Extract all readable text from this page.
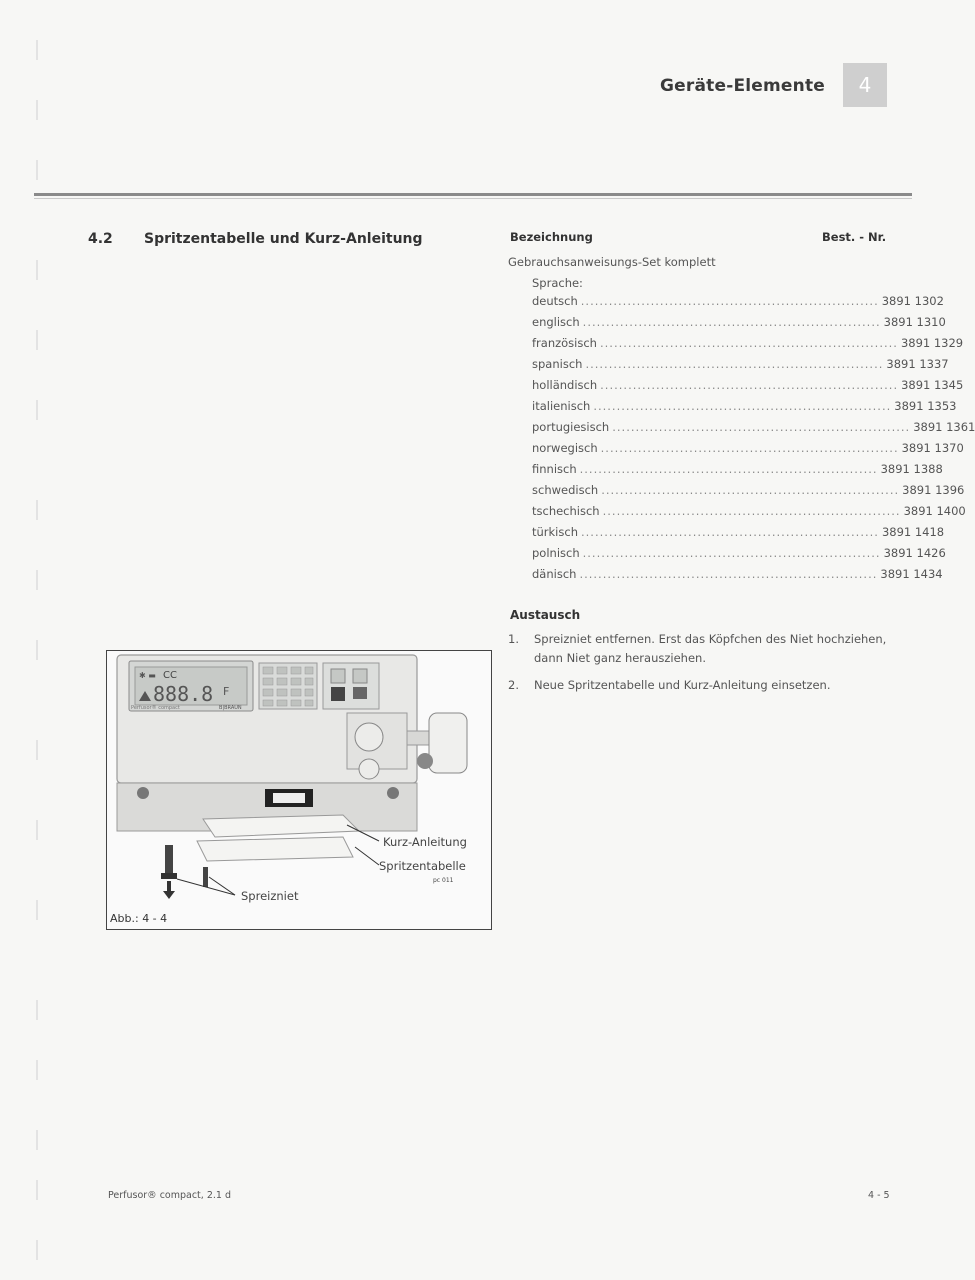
Geräte-Elemente	4
4.2 Spritzentabelle und Kurz-Anleitung	Bezeichnung	Best. - Nr.
Gebrauchsanweisungs-Set komplett
Sprache:
deutsch ................................................................ 3891 1302
englisch ................................................................ 3891 1310
französisch ................................................................ 3891 1329
spanisch ................................................................ 3891 1337
holländisch ................................................................ 3891 1345
italienisch ................................................................ 3891 1353
portugiesisch ................................................................ 3891 1361
norwegisch ................................................................ 3891 1370
finnisch ................................................................ 3891 1388
schwedisch ................................................................ 3891 1396
tschechisch ................................................................ 3891 1400
türkisch ................................................................ 3891 1418
polnisch ................................................................ 3891 1426
dänisch ................................................................ 3891 1434
Austausch
1.	Spreizniet entfernen. Erst das Köpfchen des Niet hochziehen, dann Niet ganz herausziehen.
2.	Neue Spritzentabelle und Kurz-Anleitung einsetzen.
✱ ▬ CC
888.8 F
Perfusor® compact	B|BRAUN
Kurz-Anleitung
Spritzentabelle
pc 011
Spreizniet
Abb.: 4 - 4
Perfusor® compact, 2.1 d	4 - 5
